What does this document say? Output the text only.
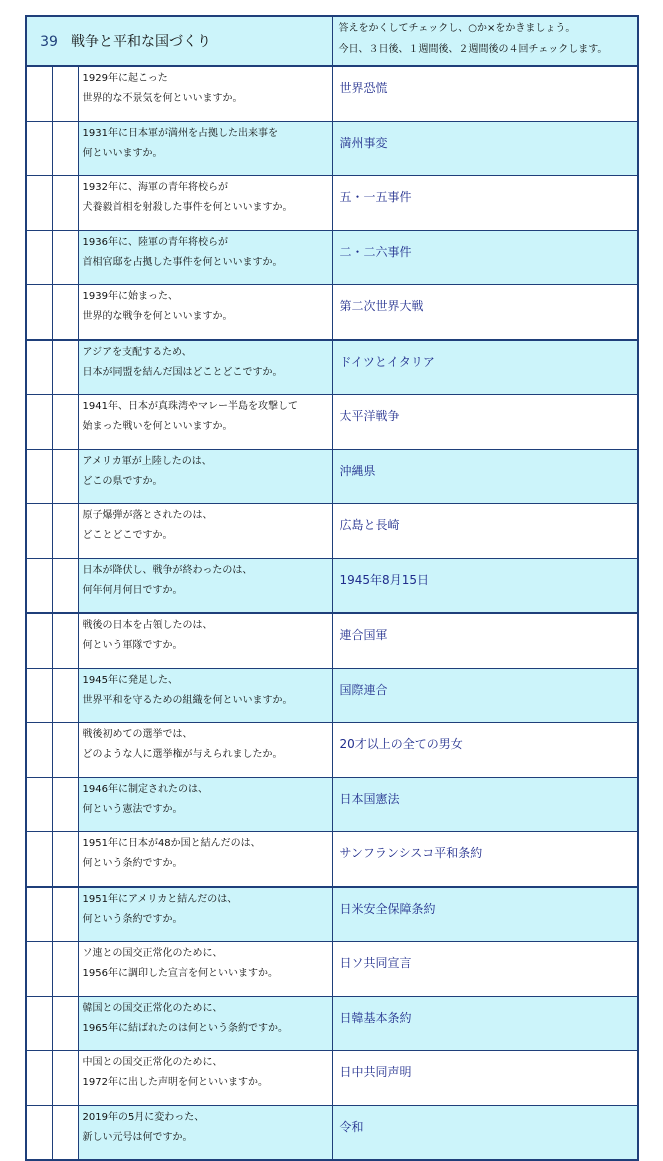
39 戦争と平和な国づくり			答えをかくしてチェックし、○か×をかきましょう。
今日、３日後、１週間後、２週間後の４回チェックします。

		1929年に起こった
世界的な不景気を何といいますか。	世界恐慌

		1931年に日本軍が満州を占拠した出来事を
何といいますか。	満州事変

		1932年に、海軍の青年将校らが
犬養毅首相を射殺した事件を何といいますか。	五・一五事件

		1936年に、陸軍の青年将校らが
首相官邸を占拠した事件を何といいますか。	二・二六事件

		1939年に始まった、
世界的な戦争を何といいますか。	第二次世界大戦

		アジアを支配するため、
日本が同盟を結んだ国はどことどこですか。	ドイツとイタリア

		1941年、日本が真珠湾やマレー半島を攻撃して
始まった戦いを何といいますか。	太平洋戦争

		アメリカ軍が上陸したのは、
どこの県ですか。	沖縄県

		原子爆弾が落とされたのは、
どことどこですか。	広島と長崎

		日本が降伏し、戦争が終わったのは、
何年何月何日ですか。	1945年8月15日

		戦後の日本を占領したのは、
何という軍隊ですか。	連合国軍

		1945年に発足した、
世界平和を守るための組織を何といいますか。	国際連合

		戦後初めての選挙では、
どのような人に選挙権が与えられましたか。	20才以上の全ての男女

		1946年に制定されたのは、
何という憲法ですか。	日本国憲法

		1951年に日本が48か国と結んだのは、
何という条約ですか。	サンフランシスコ平和条約

		1951年にアメリカと結んだのは、
何という条約ですか。	日米安全保障条約

		ソ連との国交正常化のために、
1956年に調印した宣言を何といいますか。	日ソ共同宣言

		韓国との国交正常化のために、
1965年に結ばれたのは何という条約ですか。	日韓基本条約

		中国との国交正常化のために、
1972年に出した声明を何といいますか。	日中共同声明

		2019年の5月に変わった、
新しい元号は何ですか。	令和
